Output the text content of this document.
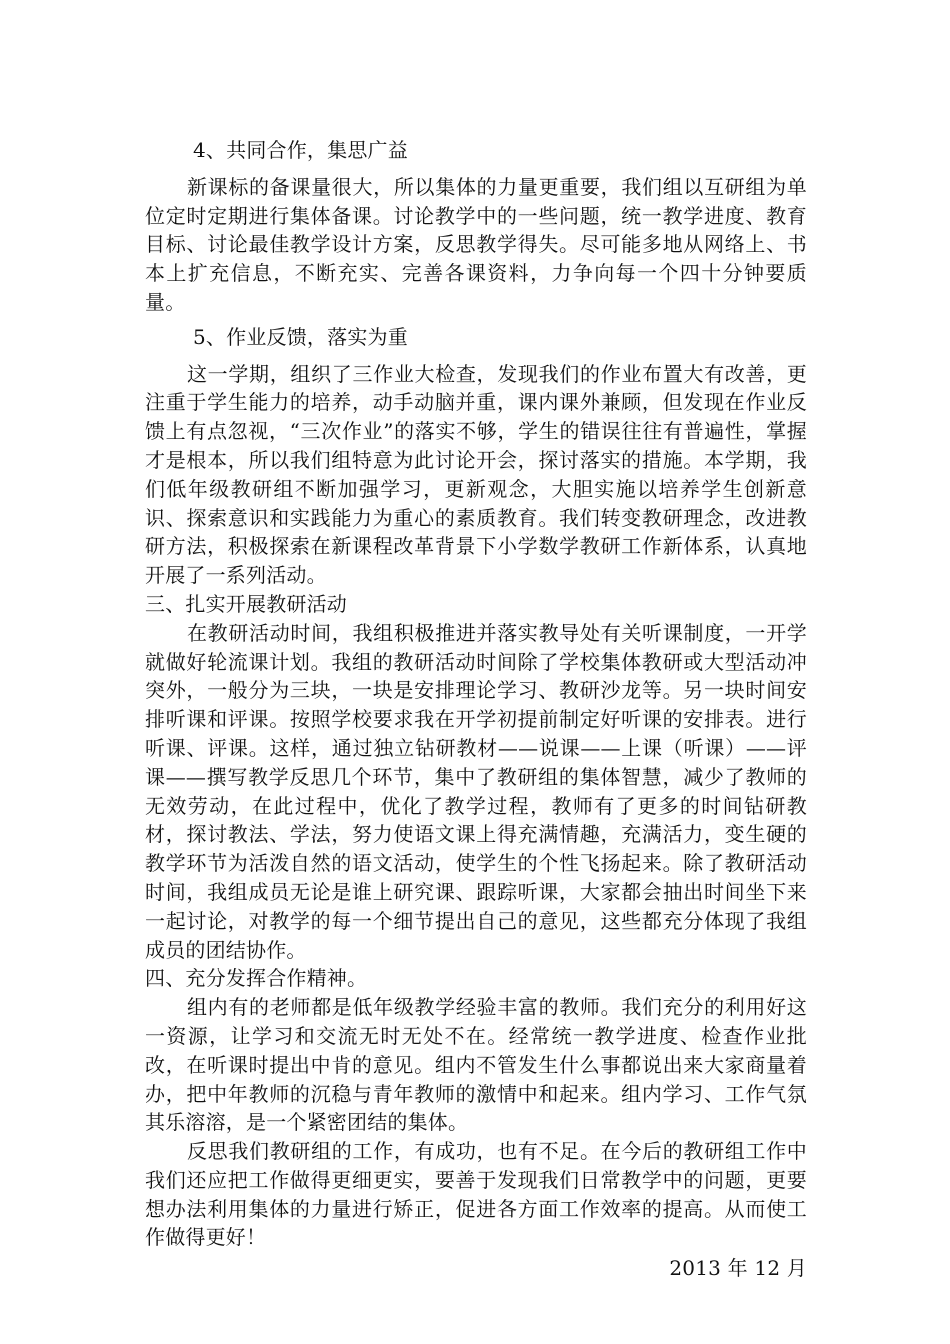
4、共同合作，集思广益

新课标的备课量很大，所以集体的力量更重要，我们组以互研组为单位定时定期进行集体备课。讨论教学中的一些问题，统一教学进度、教育目标、讨论最佳教学设计方案，反思教学得失。尽可能多地从网络上、书本上扩充信息，不断充实、完善各课资料，力争向每一个四十分钟要质量。

5、作业反馈，落实为重

这一学期，组织了三作业大检查，发现我们的作业布置大有改善，更注重于学生能力的培养，动手动脑并重，课内课外兼顾，但发现在作业反馈上有点忽视，“三次作业”的落实不够，学生的错误往往有普遍性，掌握才是根本，所以我们组特意为此讨论开会，探讨落实的措施。本学期，我们低年级教研组不断加强学习，更新观念，大胆实施以培养学生创新意识、探索意识和实践能力为重心的素质教育。我们转变教研理念，改进教研方法，积极探索在新课程改革背景下小学数学教研工作新体系，认真地开展了一系列活动。

三、扎实开展教研活动

在教研活动时间，我组积极推进并落实教导处有关听课制度，一开学就做好轮流课计划。我组的教研活动时间除了学校集体教研或大型活动冲突外，一般分为三块，一块是安排理论学习、教研沙龙等。另一块时间安排听课和评课。按照学校要求我在开学初提前制定好听课的安排表。进行听课、评课。这样，通过独立钻研教材——说课——上课（听课）——评课——撰写教学反思几个环节，集中了教研组的集体智慧，减少了教师的无效劳动，在此过程中，优化了教学过程，教师有了更多的时间钻研教材，探讨教法、学法，努力使语文课上得充满情趣，充满活力，变生硬的教学环节为活泼自然的语文活动，使学生的个性飞扬起来。除了教研活动时间，我组成员无论是谁上研究课、跟踪听课，大家都会抽出时间坐下来一起讨论，对教学的每一个细节提出自己的意见，这些都充分体现了我组成员的团结协作。

四、充分发挥合作精神。

组内有的老师都是低年级教学经验丰富的教师。我们充分的利用好这一资源，让学习和交流无时无处不在。经常统一教学进度、检查作业批改，在听课时提出中肯的意见。组内不管发生什么事都说出来大家商量着办，把中年教师的沉稳与青年教师的激情中和起来。组内学习、工作气氛其乐溶溶，是一个紧密团结的集体。

反思我们教研组的工作，有成功，也有不足。在今后的教研组工作中我们还应把工作做得更细更实，要善于发现我们日常教学中的问题，更要想办法利用集体的力量进行矫正，促进各方面工作效率的提高。从而使工作做得更好！

2013 年 12 月
